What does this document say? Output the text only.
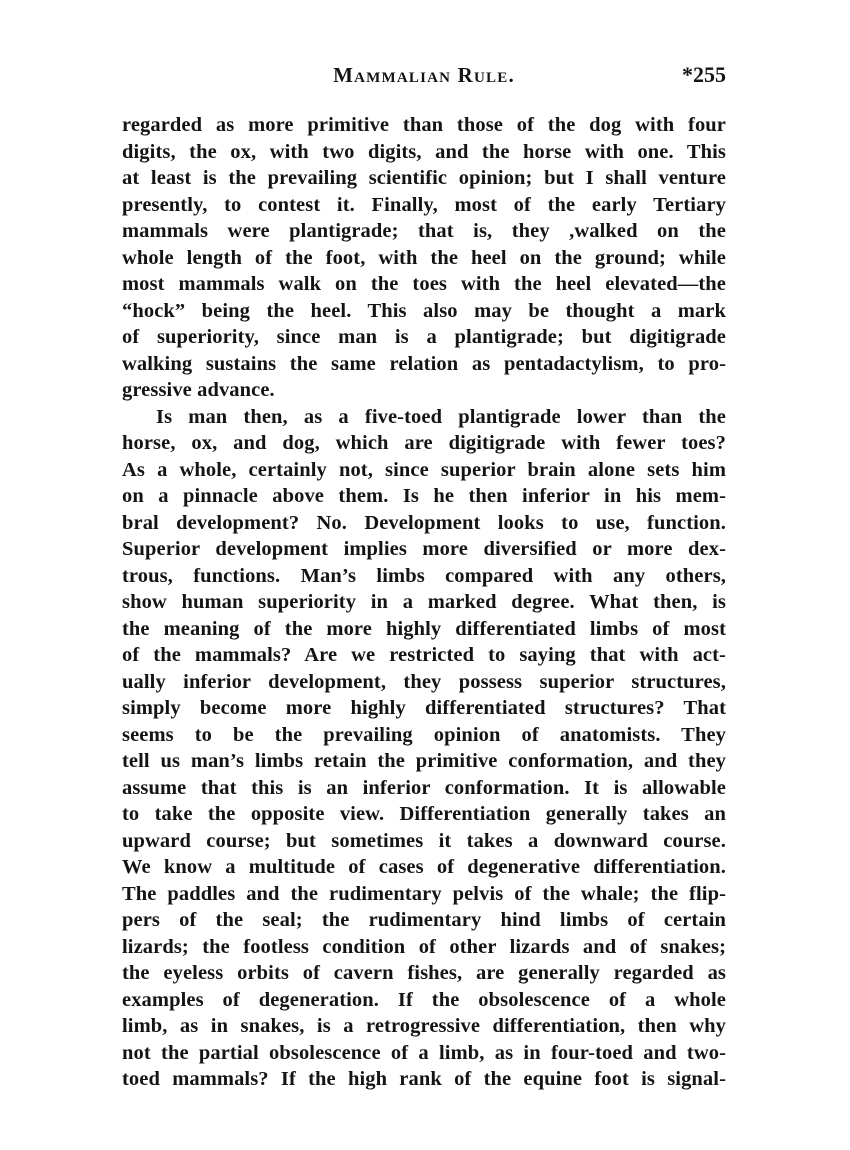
Mammalian Rule.	*255
regarded as more primitive than those of the dog with four
digits, the ox, with two digits, and the horse with one. This
at least is the prevailing scientific opinion; but I shall venture
presently, to contest it. Finally, most of the early Tertiary
mammals were plantigrade; that is, they ,walked on the
whole length of the foot, with the heel on the ground; while
most mammals walk on the toes with the heel elevated—the
“hock” being the heel. This also may be thought a mark
of superiority, since man is a plantigrade; but digitigrade
walking sustains the same relation as pentadactylism, to pro-
gressive advance.
Is man then, as a five-toed plantigrade lower than the
horse, ox, and dog, which are digitigrade with fewer toes?
As a whole, certainly not, since superior brain alone sets him
on a pinnacle above them. Is he then inferior in his mem-
bral development? No. Development looks to use, function.
Superior development implies more diversified or more dex-
trous, functions. Man’s limbs compared with any others,
show human superiority in a marked degree. What then, is
the meaning of the more highly differentiated limbs of most
of the mammals? Are we restricted to saying that with act-
ually inferior development, they possess superior structures,
simply become more highly differentiated structures? That
seems to be the prevailing opinion of anatomists. They
tell us man’s limbs retain the primitive conformation, and they
assume that this is an inferior conformation. It is allowable
to take the opposite view. Differentiation generally takes an
upward course; but sometimes it takes a downward course.
We know a multitude of cases of degenerative differentiation.
The paddles and the rudimentary pelvis of the whale; the flip-
pers of the seal; the rudimentary hind limbs of certain
lizards; the footless condition of other lizards and of snakes;
the eyeless orbits of cavern fishes, are generally regarded as
examples of degeneration. If the obsolescence of a whole
limb, as in snakes, is a retrogressive differentiation, then why
not the partial obsolescence of a limb, as in four-toed and two-
toed mammals? If the high rank of the equine foot is signal-
